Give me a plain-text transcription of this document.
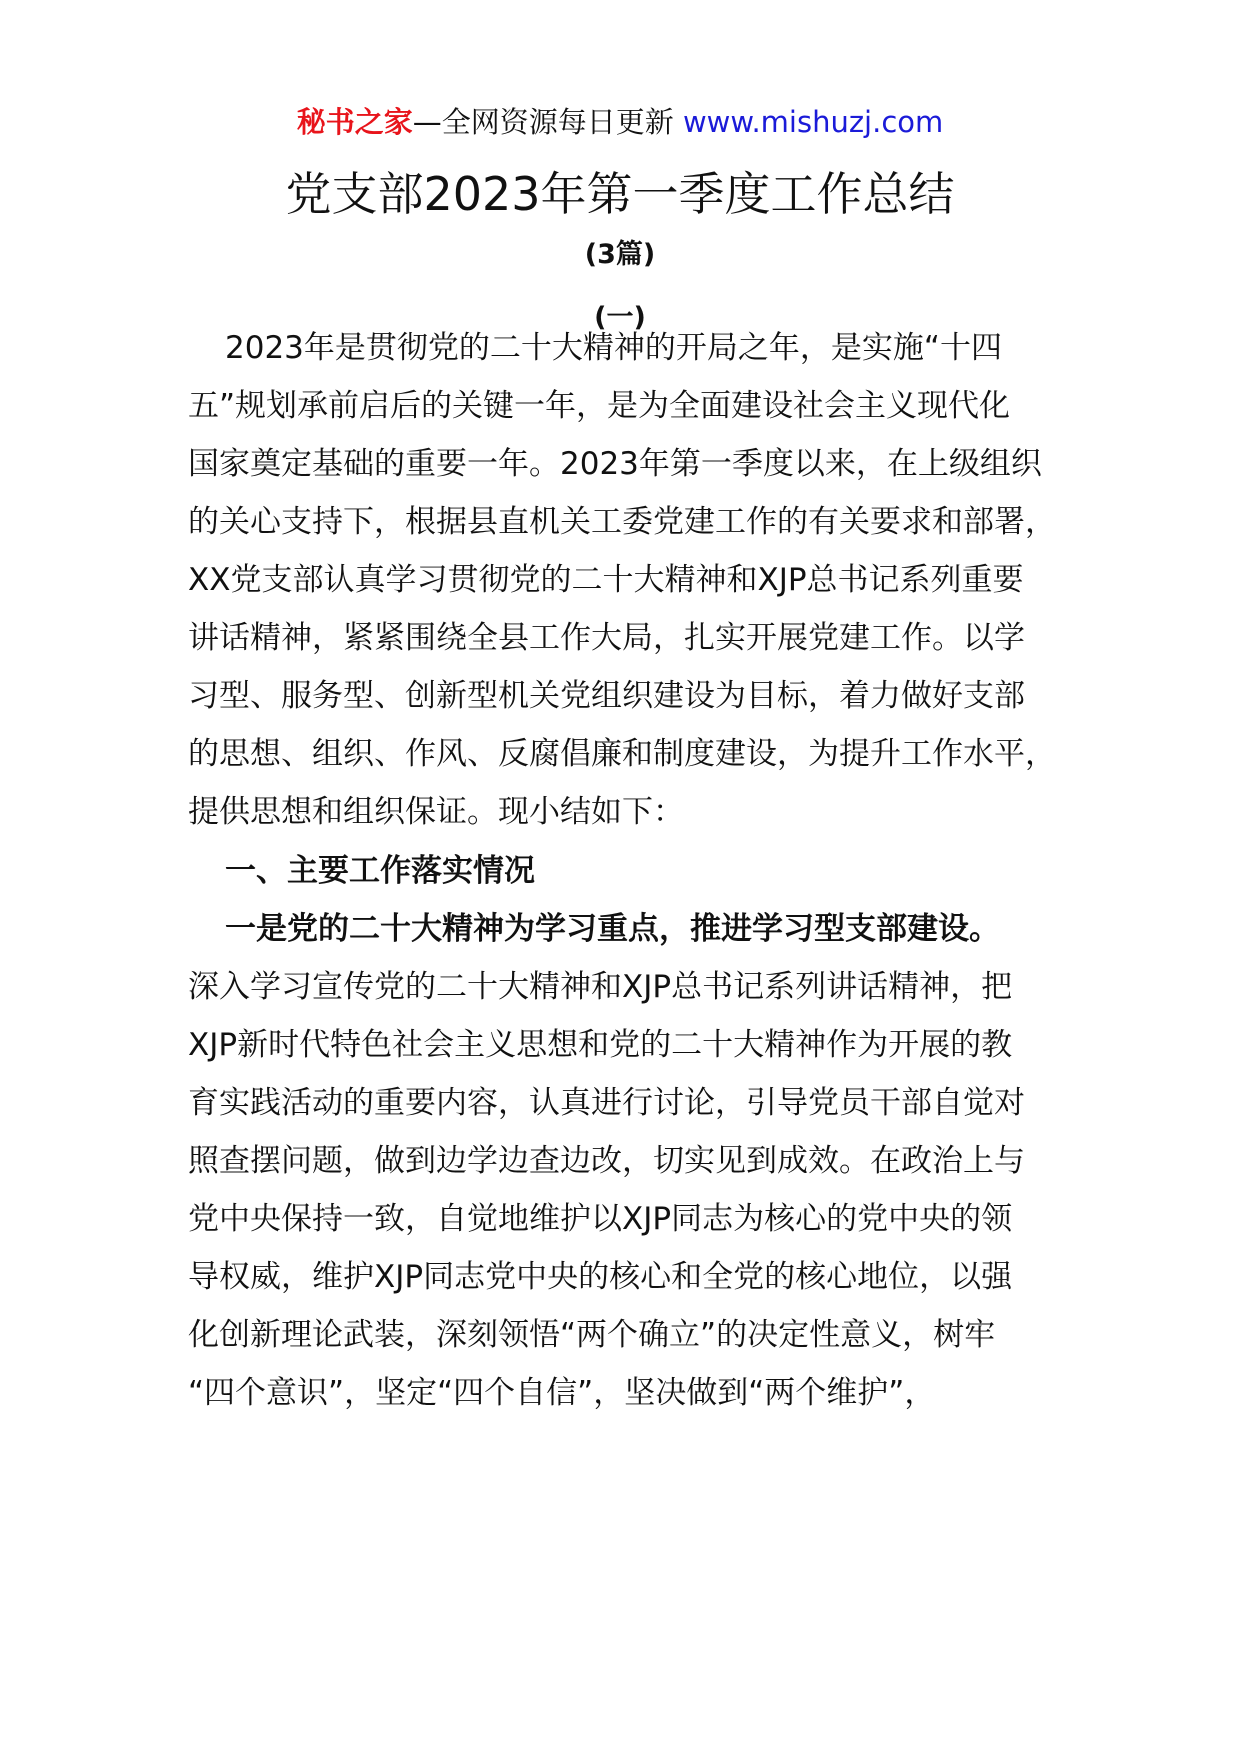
秘书之家—全网资源每日更新 www.mishuzj.com
党支部2023年第一季度工作总结
(3篇)
(一)
2023年是贯彻党的二十大精神的开局之年，是实施“十四
五”规划承前启后的关键一年，是为全面建设社会主义现代化
国家奠定基础的重要一年。2023年第一季度以来，在上级组织
的关心支持下，根据县直机关工委党建工作的有关要求和部署，
XX党支部认真学习贯彻党的二十大精神和XJP总书记系列重要
讲话精神，紧紧围绕全县工作大局，扎实开展党建工作。以学
习型、服务型、创新型机关党组织建设为目标，着力做好支部
的思想、组织、作风、反腐倡廉和制度建设，为提升工作水平，
提供思想和组织保证。现小结如下：
一、主要工作落实情况
一是党的二十大精神为学习重点，推进学习型支部建设。
深入学习宣传党的二十大精神和XJP总书记系列讲话精神，把
XJP新时代特色社会主义思想和党的二十大精神作为开展的教
育实践活动的重要内容，认真进行讨论，引导党员干部自觉对
照查摆问题，做到边学边查边改，切实见到成效。在政治上与
党中央保持一致，自觉地维护以XJP同志为核心的党中央的领
导权威，维护XJP同志党中央的核心和全党的核心地位，以强
化创新理论武装，深刻领悟“两个确立”的决定性意义，树牢
“四个意识”，坚定“四个自信”，坚决做到“两个维护”，
